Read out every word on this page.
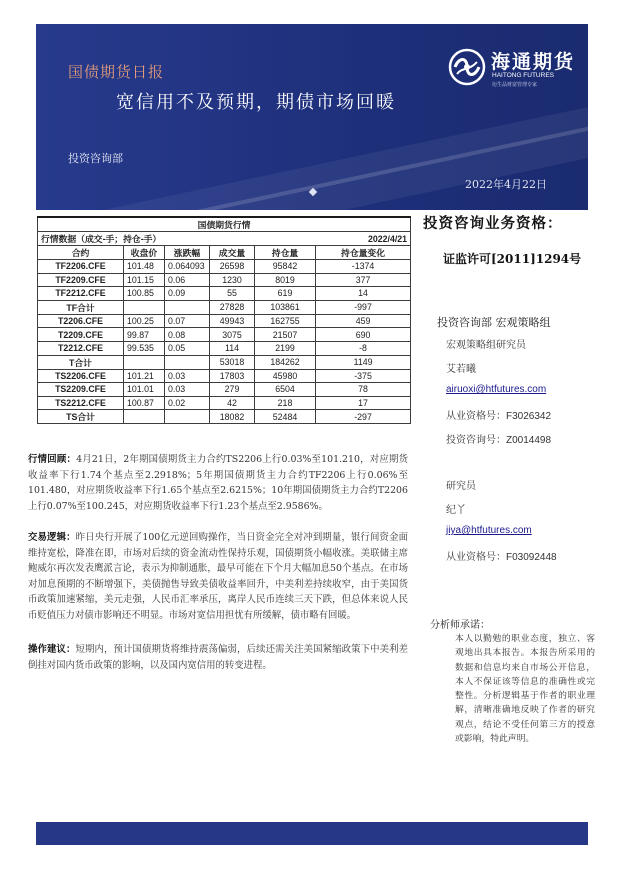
国债期货日报
宽信用不及预期，期债市场回暖
投资咨询部
2022年4月22日
海通期货
HAITONG FUTURES
衍生品财富管理专家
国债期货行情					
行情数据（成交-手；持仓-手）			2022/4/21		
合约	收盘价	涨跌幅	成交量	持仓量	持仓量变化
TF2206.CFE	101.48	0.064093	26598	95842	-1374
TF2209.CFE	101.15	0.06	1230	8019	377
TF2212.CFE	100.85	0.09	55	619	14
TF合计			27828	103861	-997
T2206.CFE	100.25	0.07	49943	162755	459
T2209.CFE	99.87	0.08	3075	21507	690
T2212.CFE	99.535	0.05	114	2199	-8
T合计			53018	184262	1149
TS2206.CFE	101.21	0.03	17803	45980	-375
TS2209.CFE	101.01	0.03	279	6504	78
TS2212.CFE	100.87	0.02	42	218	17
TS合计			18082	52484	-297

行情回顾：4月21日，2年期国债期货主力合约TS2206上行0.03%至101.210，对应期货收益率下行1.74个基点至2.2918%；5年期国债期货主力合约TF2206上行0.06%至101.480，对应期货收益率下行1.65个基点至2.6215%；10年期国债期货主力合约T2206上行0.07%至100.245，对应期货收益率下行1.23个基点至2.9586%。

交易逻辑：昨日央行开展了100亿元逆回购操作，当日资金完全对冲到期量，银行间资金面维持宽松，降准在即，市场对后续的资金流动性保持乐观，国债期货小幅收涨。美联储主席鲍威尔再次发表鹰派言论，表示为抑制通胀，最早可能在下个月大幅加息50个基点。在市场对加息预期的不断增强下，美债抛售导致美债收益率回升，中美利差持续收窄，由于美国货币政策加速紧缩，美元走强，人民币汇率承压，离岸人民币连续三天下跌，但总体来说人民币贬值压力对债市影响还不明显。市场对宽信用担忧有所缓解，债市略有回暖。

操作建议：短期内，预计国债期货将维持震荡偏弱，后续还需关注美国紧缩政策下中美利差倒挂对国内货币政策的影响，以及国内宽信用的转变进程。

投资咨询业务资格：
证监许可[2011]1294号
投资咨询部 宏观策略组
宏观策略组研究员
艾若曦
airuoxi@htfutures.com
从业资格号：F3026342
投资咨询号：Z0014498
研究员
纪丫
jiya@htfutures.com
从业资格号：F03092448
分析师承诺：

本人以勤勉的职业态度，独立、客观地出具本报告。本报告所采用的数据和信息均来自市场公开信息，本人不保证该等信息的准确性或完整性。分析逻辑基于作者的职业理解，清晰准确地反映了作者的研究观点，结论不受任何第三方的授意或影响，特此声明。
